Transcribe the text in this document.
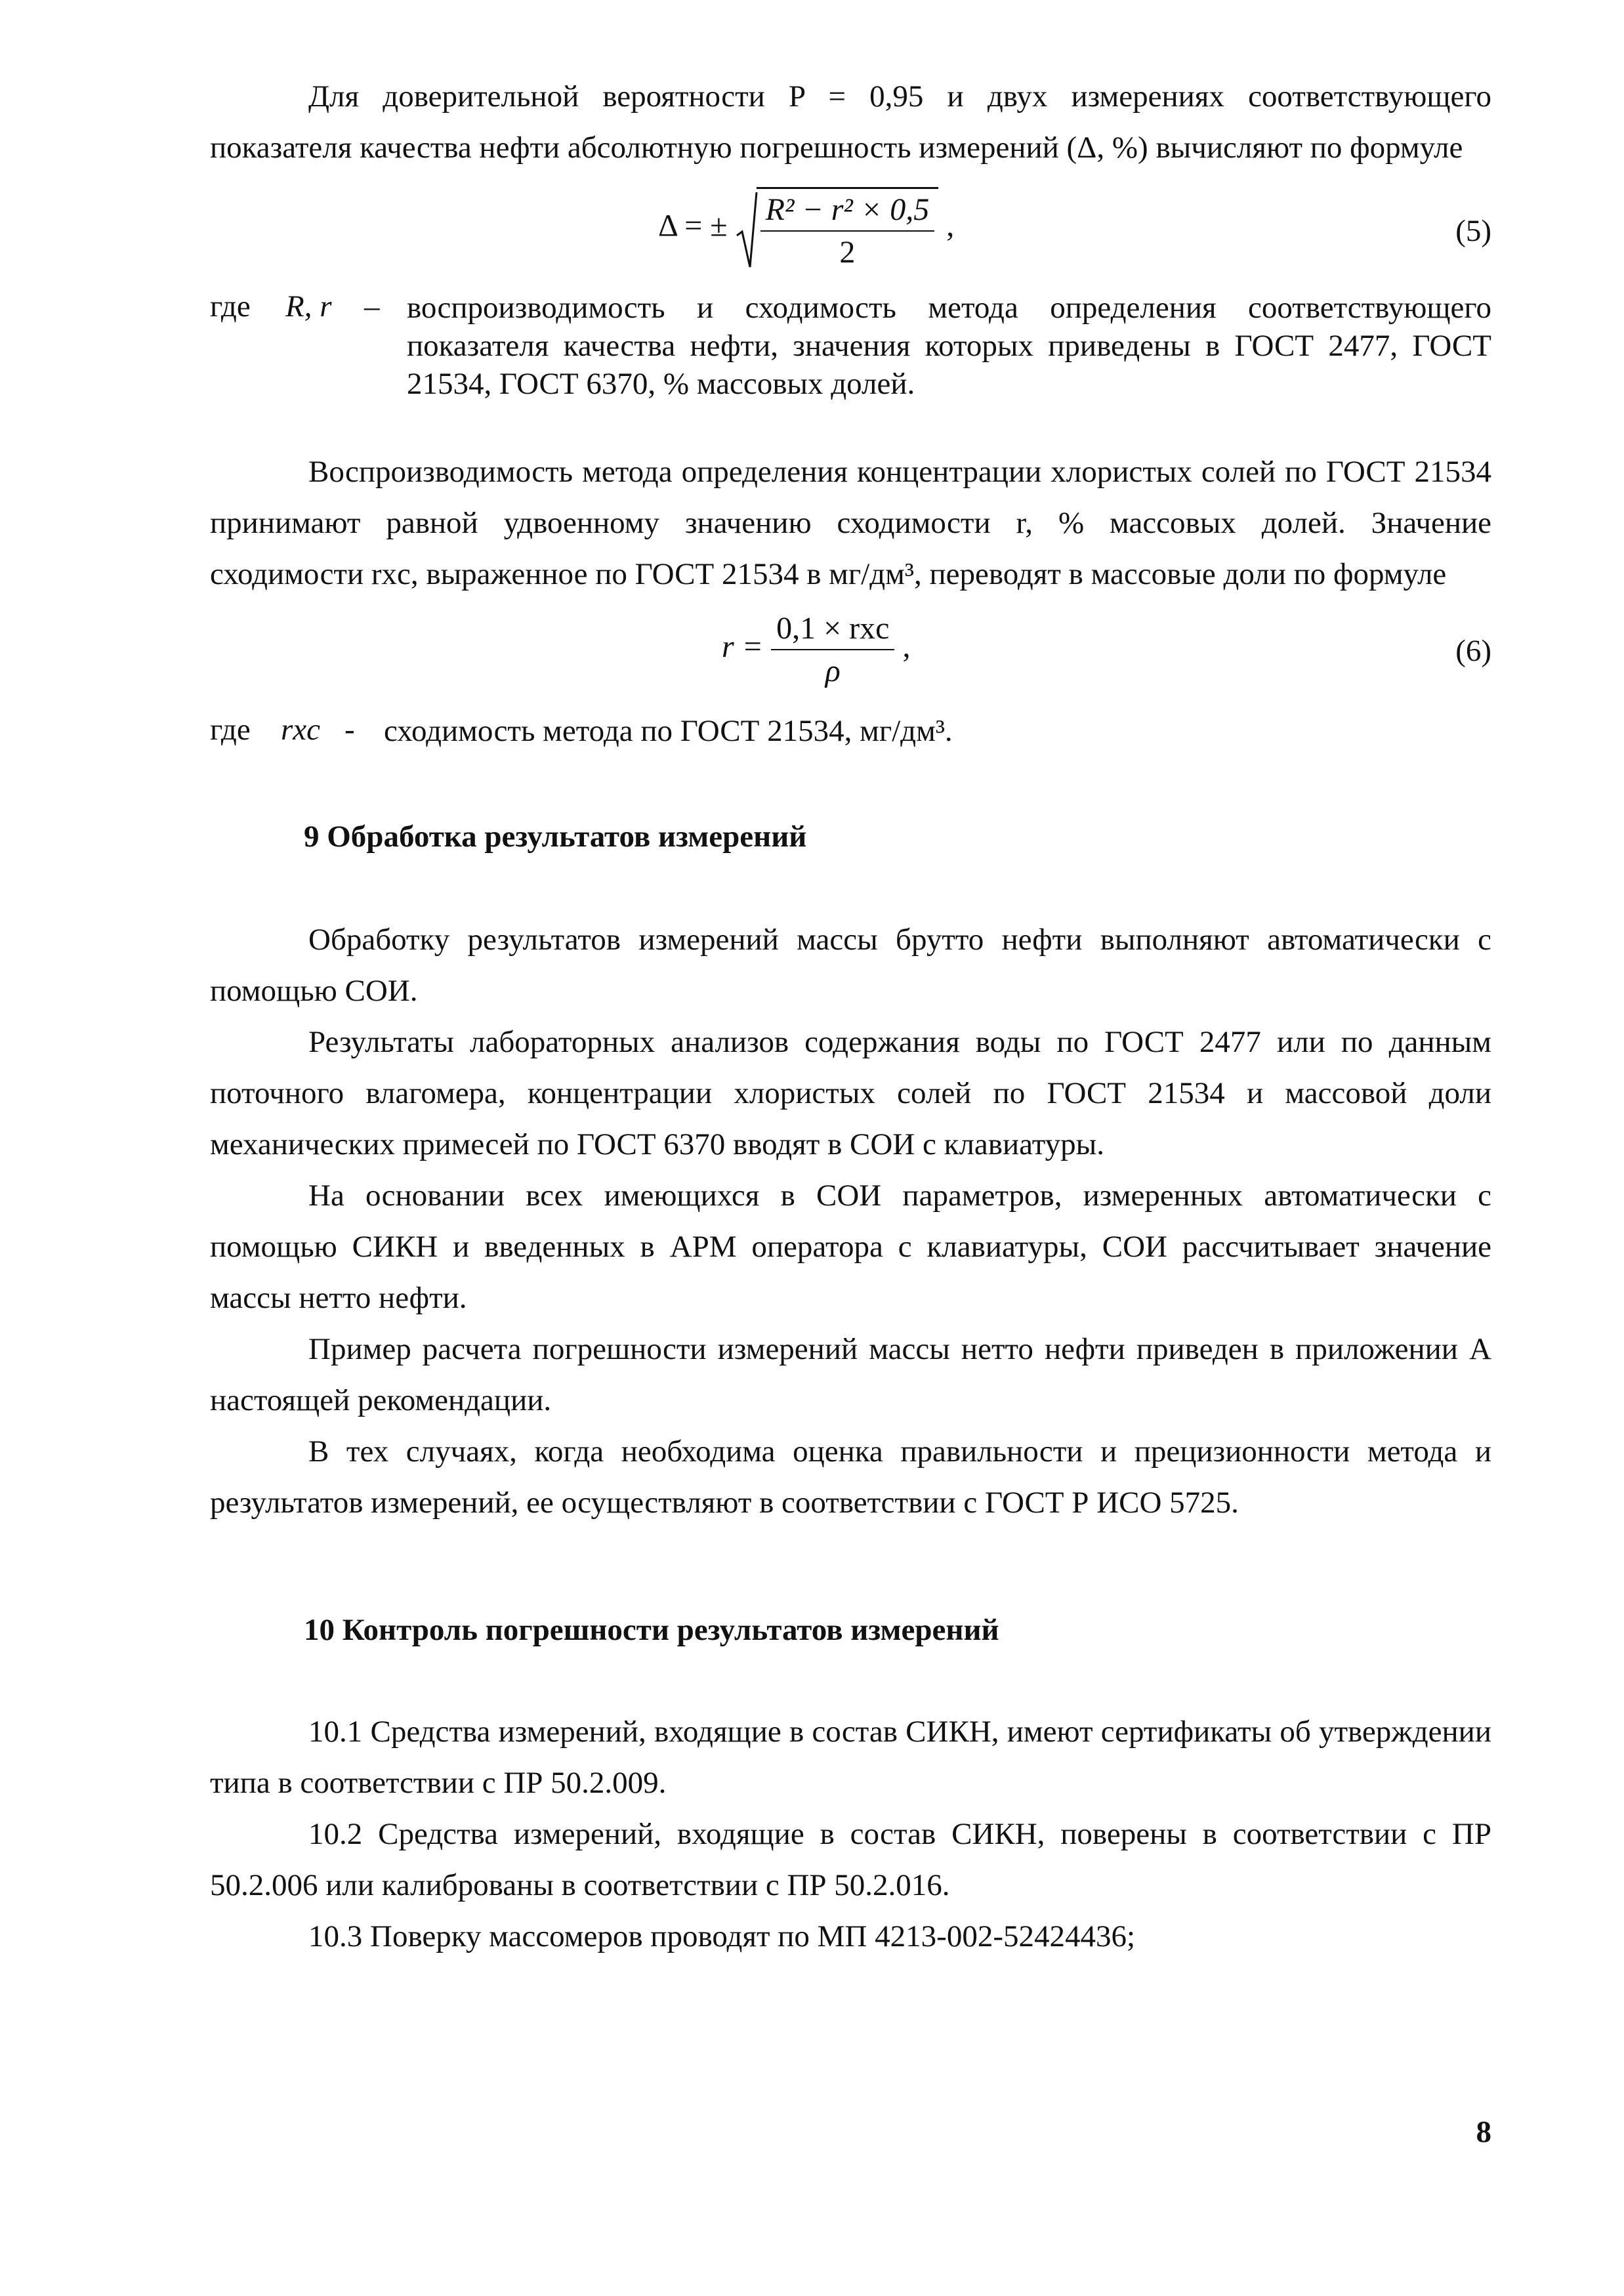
Для доверительной вероятности P = 0,95 и двух измерениях соответствующего показателя качества нефти абсолютную погрешность измерений (Δ, %) вычисляют по формуле

Δ = ± $\frac{\text{R² − r² × 0,5}}{2}$ ,	(5)
где R, r – воспроизводимость и сходимость метода определения соответствующего показателя качества нефти, значения которых приведены в ГОСТ 2477, ГОСТ 21534, ГОСТ 6370, % массовых долей.

Воспроизводимость метода определения концентрации хлористых солей по ГОСТ 21534 принимают равной удвоенному значению сходимости r, % массовых долей. Значение сходимости rxc, выраженное по ГОСТ 21534 в мг/дм³, переводят в массовые доли по формуле

$r = \frac{\text{0,1 × rxc}}{\rho}$ ,	(6)
где rxc - сходимость метода по ГОСТ 21534, мг/дм³.
9 Обработка результатов измерений

Обработку результатов измерений массы брутто нефти выполняют автоматически с помощью СОИ.

Результаты лабораторных анализов содержания воды по ГОСТ 2477 или по данным поточного влагомера, концентрации хлористых солей по ГОСТ 21534 и массовой доли механических примесей по ГОСТ 6370 вводят в СОИ с клавиатуры.

На основании всех имеющихся в СОИ параметров, измеренных автоматически с помощью СИКН и введенных в АРМ оператора с клавиатуры, СОИ рассчитывает значение массы нетто нефти.

Пример расчета погрешности измерений массы нетто нефти приведен в приложении А настоящей рекомендации.

В тех случаях, когда необходима оценка правильности и прецизионности метода и результатов измерений, ее осуществляют в соответствии с ГОСТ Р ИСО 5725.

10 Контроль погрешности результатов измерений

10.1 Средства измерений, входящие в состав СИКН, имеют сертификаты об утверждении типа в соответствии с ПР 50.2.009.

10.2 Средства измерений, входящие в состав СИКН, поверены в соответствии с ПР 50.2.006 или калиброваны в соответствии с ПР 50.2.016.

10.3 Поверку массомеров проводят по МП 4213-002-52424436;

8
